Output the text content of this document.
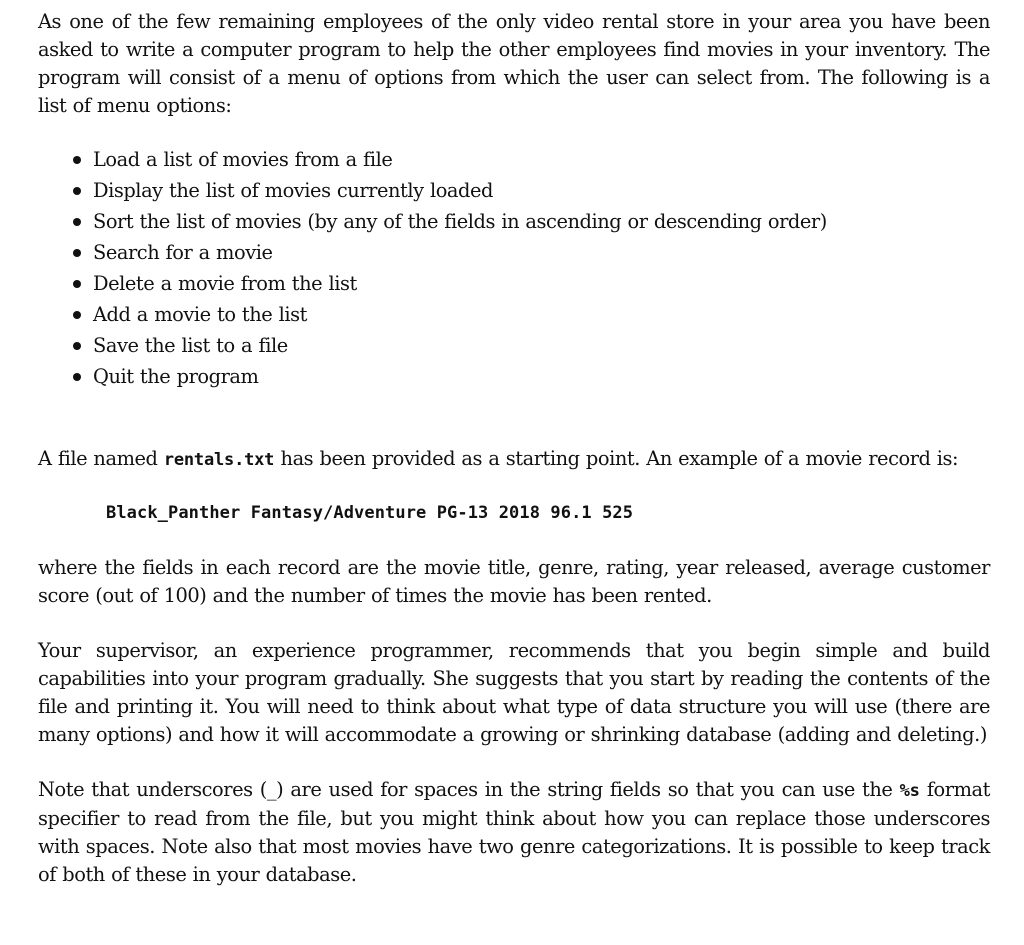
As one of the few remaining employees of the only video rental store in your area you have been asked to write a computer program to help the other employees find movies in your inventory. The program will consist of a menu of options from which the user can select from. The following is a list of menu options:

Load a list of movies from a file
Display the list of movies currently loaded
Sort the list of movies (by any of the fields in ascending or descending order)
Search for a movie
Delete a movie from the list
Add a movie to the list
Save the list to a file
Quit the program

A file named rentals.txt has been provided as a starting point. An example of a movie record is:

Black_Panther Fantasy/Adventure PG-13 2018 96.1 525

where the fields in each record are the movie title, genre, rating, year released, average customer score (out of 100) and the number of times the movie has been rented.

Your supervisor, an experience programmer, recommends that you begin simple and build capabilities into your program gradually. She suggests that you start by reading the contents of the file and printing it. You will need to think about what type of data structure you will use (there are many options) and how it will accommodate a growing or shrinking database (adding and deleting.)

Note that underscores (_) are used for spaces in the string fields so that you can use the %s format specifier to read from the file, but you might think about how you can replace those underscores with spaces. Note also that most movies have two genre categorizations. It is possible to keep track of both of these in your database.
